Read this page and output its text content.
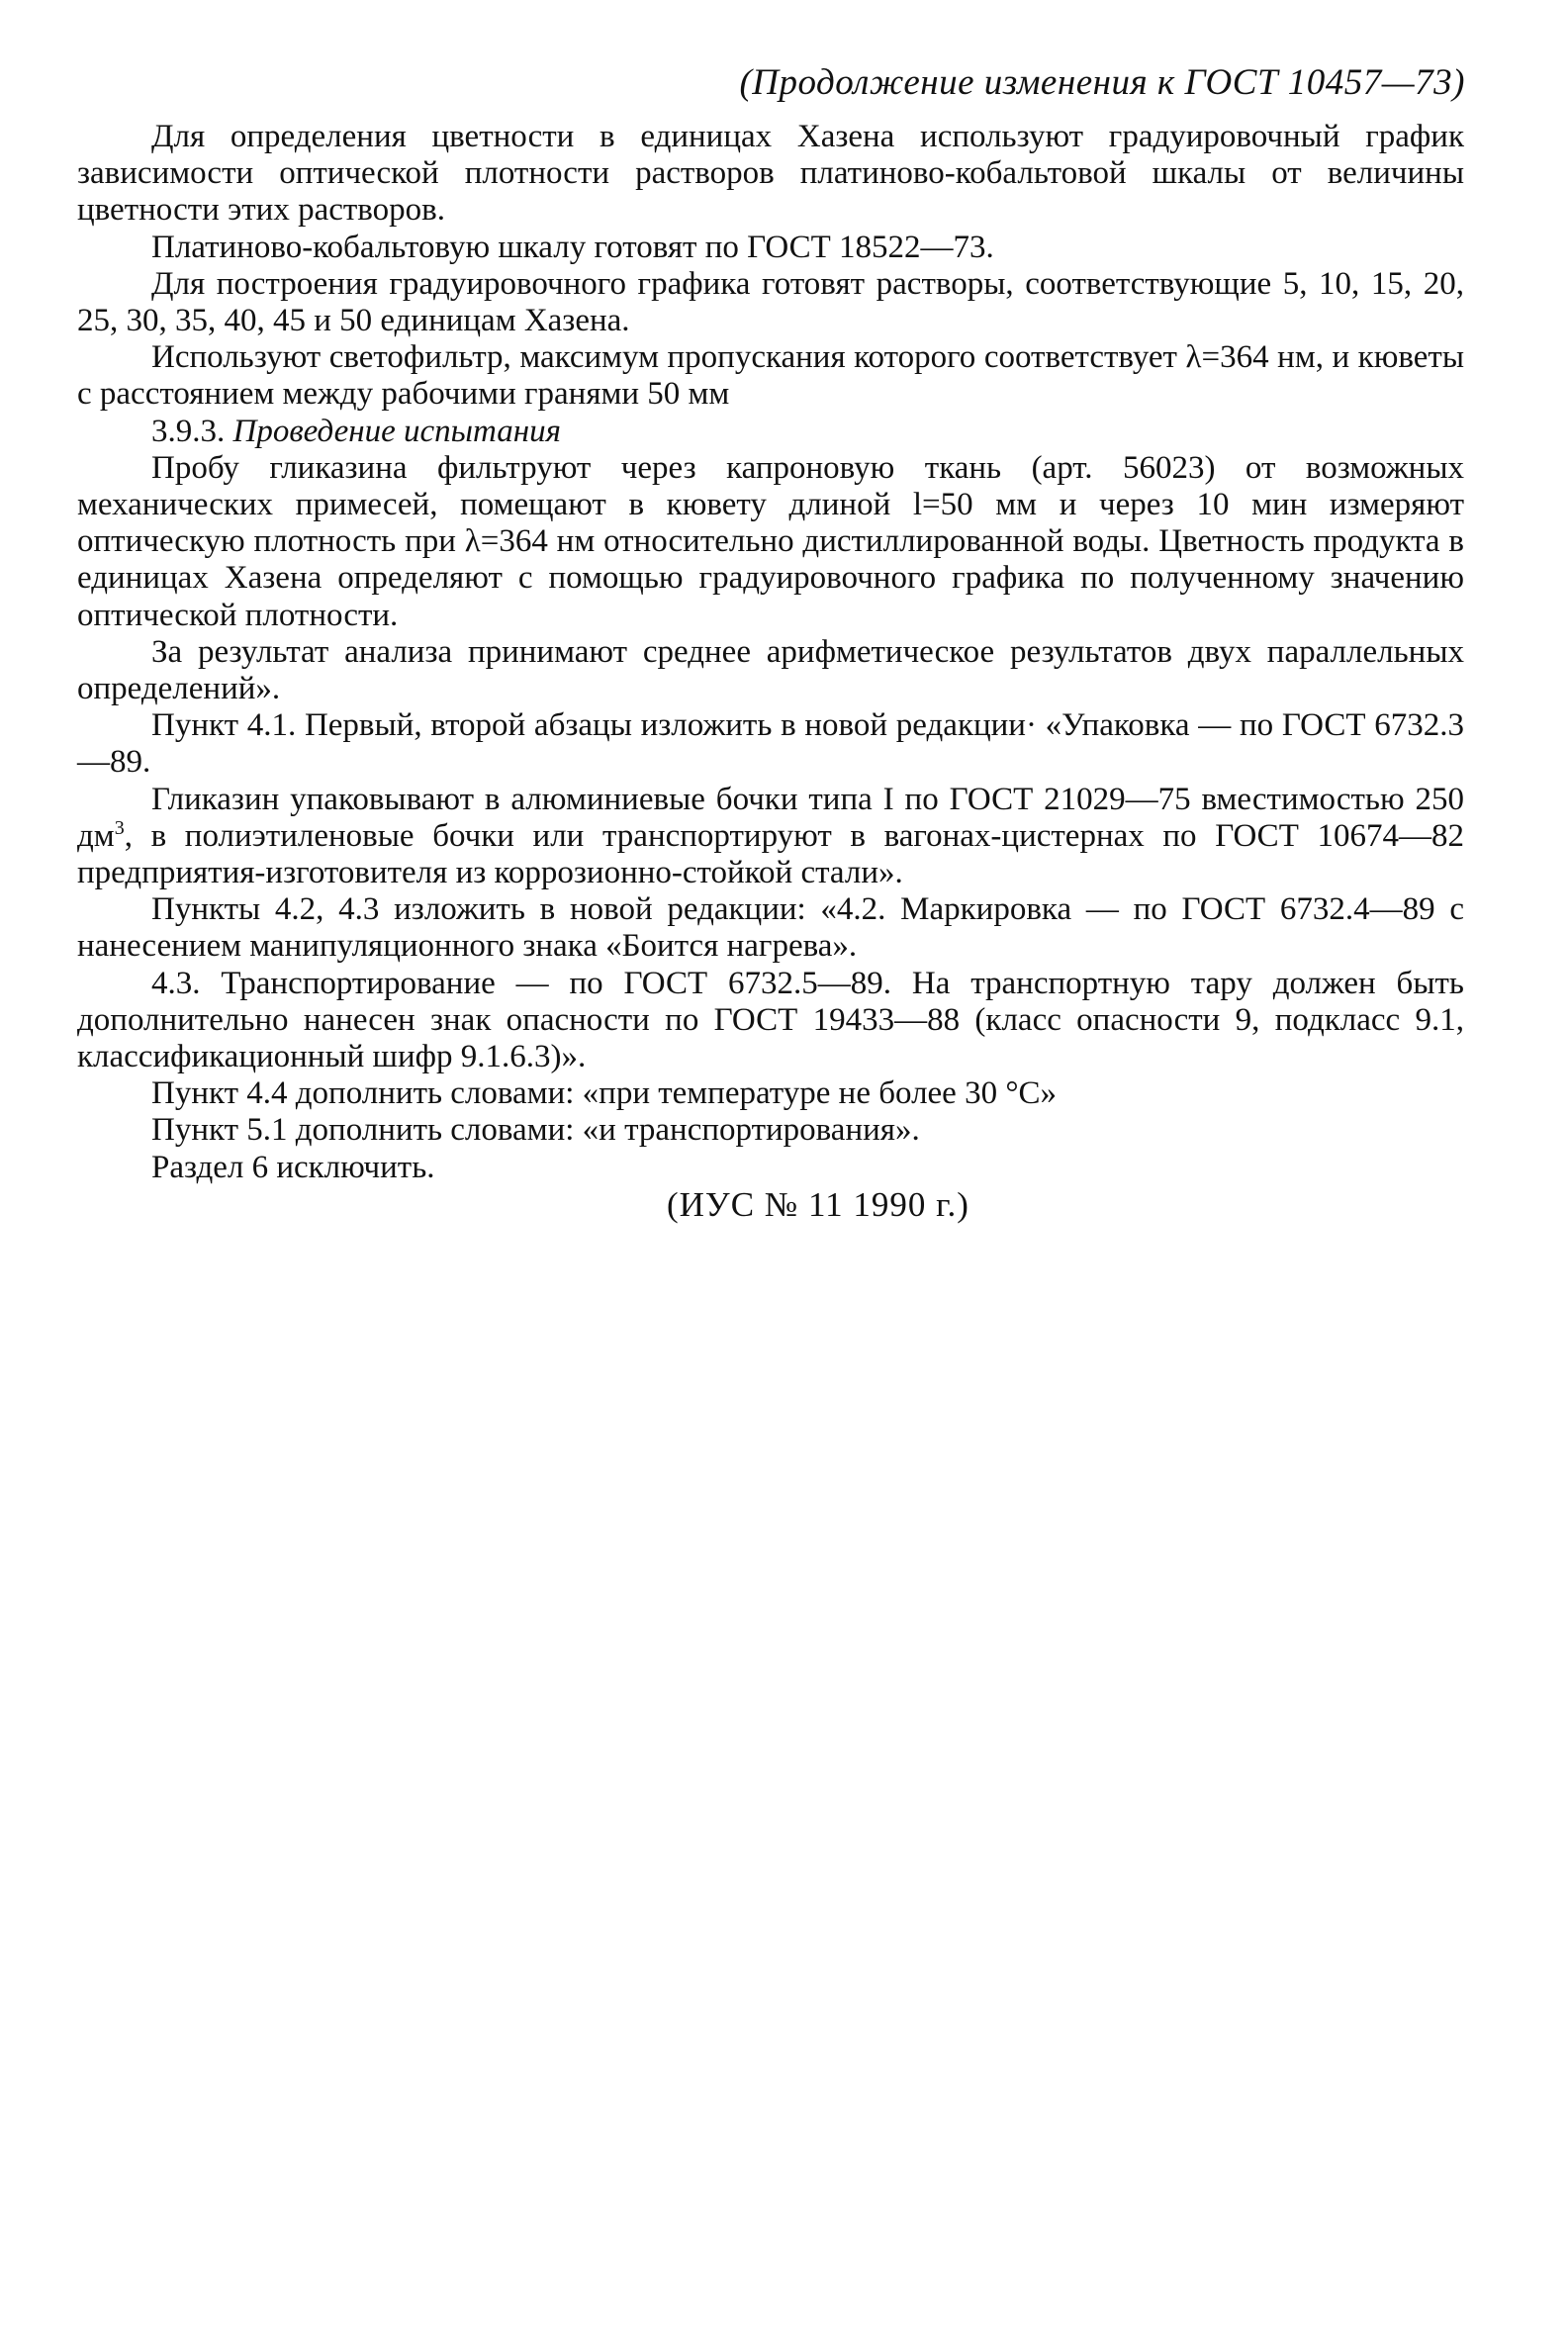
(Продолжение изменения к ГОСТ 10457—73)

Для определения цветности в единицах Хазена используют градуировочный график зависимости оптической плотности растворов платиново-кобальтовой шкалы от величины цветности этих растворов.

Платиново-кобальтовую шкалу готовят по ГОСТ 18522—73.

Для построения градуировочного графика готовят растворы, соответствующие 5, 10, 15, 20, 25, 30, 35, 40, 45 и 50 единицам Хазена.

Используют светофильтр, максимум пропускания которого соответствует λ=364 нм, и кюветы с расстоянием между рабочими гранями 50 мм

3.9.3. Проведение испытания

Пробу гликазина фильтруют через капроновую ткань (арт. 56023) от возможных механических примесей, помещают в кювету длиной l=50 мм и через 10 мин измеряют оптическую плотность при λ=364 нм относительно дистиллированной воды. Цветность продукта в единицах Хазена определяют с помощью градуировочного графика по полученному значению оптической плотности.

За результат анализа принимают среднее арифметическое результатов двух параллельных определений».

Пункт 4.1. Первый, второй абзацы изложить в новой редакции· «Упаковка — по ГОСТ 6732.3—89.

Гликазин упаковывают в алюминиевые бочки типа I по ГОСТ 21029—75 вместимостью 250 $дм^3$, в полиэтиленовые бочки или транспортируют в вагонах-цистернах по ГОСТ 10674—82 предприятия-изготовителя из коррозионно-стойкой стали».

Пункты 4.2, 4.3 изложить в новой редакции: «4.2. Маркировка — по ГОСТ 6732.4—89 с нанесением манипуляционного знака «Боится нагрева».

4.3. Транспортирование — по ГОСТ 6732.5—89. На транспортную тару должен быть дополнительно нанесен знак опасности по ГОСТ 19433—88 (класс опасности 9, подкласс 9.1, классификационный шифр 9.1.6.3)».

Пункт 4.4 дополнить словами: «при температуре не более 30 °С»

Пункт 5.1 дополнить словами: «и транспортирования».

Раздел 6 исключить.

(ИУС № 11 1990 г.)
